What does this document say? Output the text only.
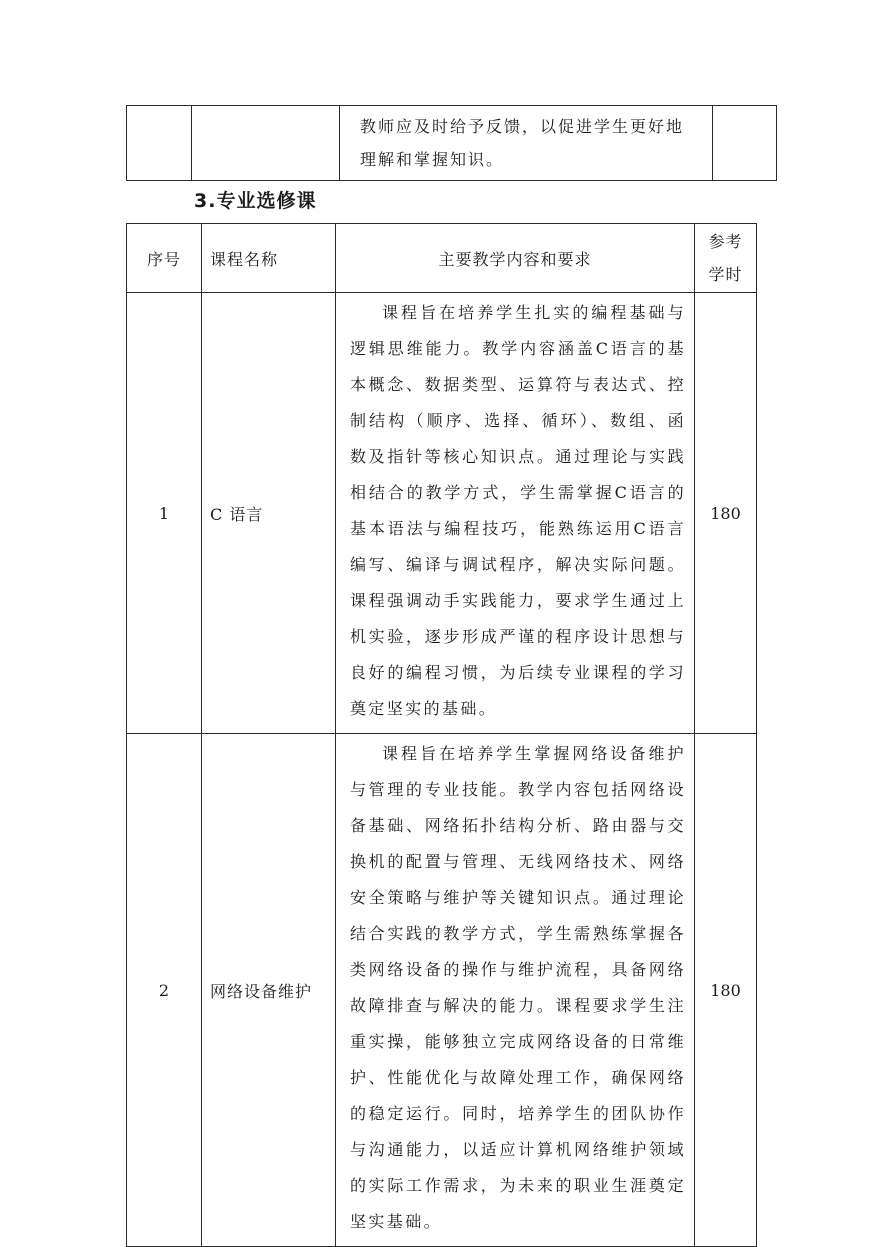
		教师应及时给予反馈，以促进学生更好地理解和掌握知识。	
3.专业选修课
序号	课程名称	主要教学内容和要求	参考
学时

1	C 语言	课程旨在培养学生扎实的编程基础与逻辑思维能力。教学内容涵盖C语言的基本概念、数据类型、运算符与表达式、控制结构（顺序、选择、循环）、数组、函数及指针等核心知识点。通过理论与实践相结合的教学方式，学生需掌握C语言的基本语法与编程技巧，能熟练运用C语言编写、编译与调试程序，解决实际问题。课程强调动手实践能力，要求学生通过上机实验，逐步形成严谨的程序设计思想与良好的编程习惯，为后续专业课程的学习奠定坚实的基础。	180
2	网络设备维护	课程旨在培养学生掌握网络设备维护与管理的专业技能。教学内容包括网络设备基础、网络拓扑结构分析、路由器与交换机的配置与管理、无线网络技术、网络安全策略与维护等关键知识点。通过理论结合实践的教学方式，学生需熟练掌握各类网络设备的操作与维护流程，具备网络故障排查与解决的能力。课程要求学生注重实操，能够独立完成网络设备的日常维护、性能优化与故障处理工作，确保网络的稳定运行。同时，培养学生的团队协作与沟通能力，以适应计算机网络维护领域的实际工作需求，为未来的职业生涯奠定坚实基础。	180
